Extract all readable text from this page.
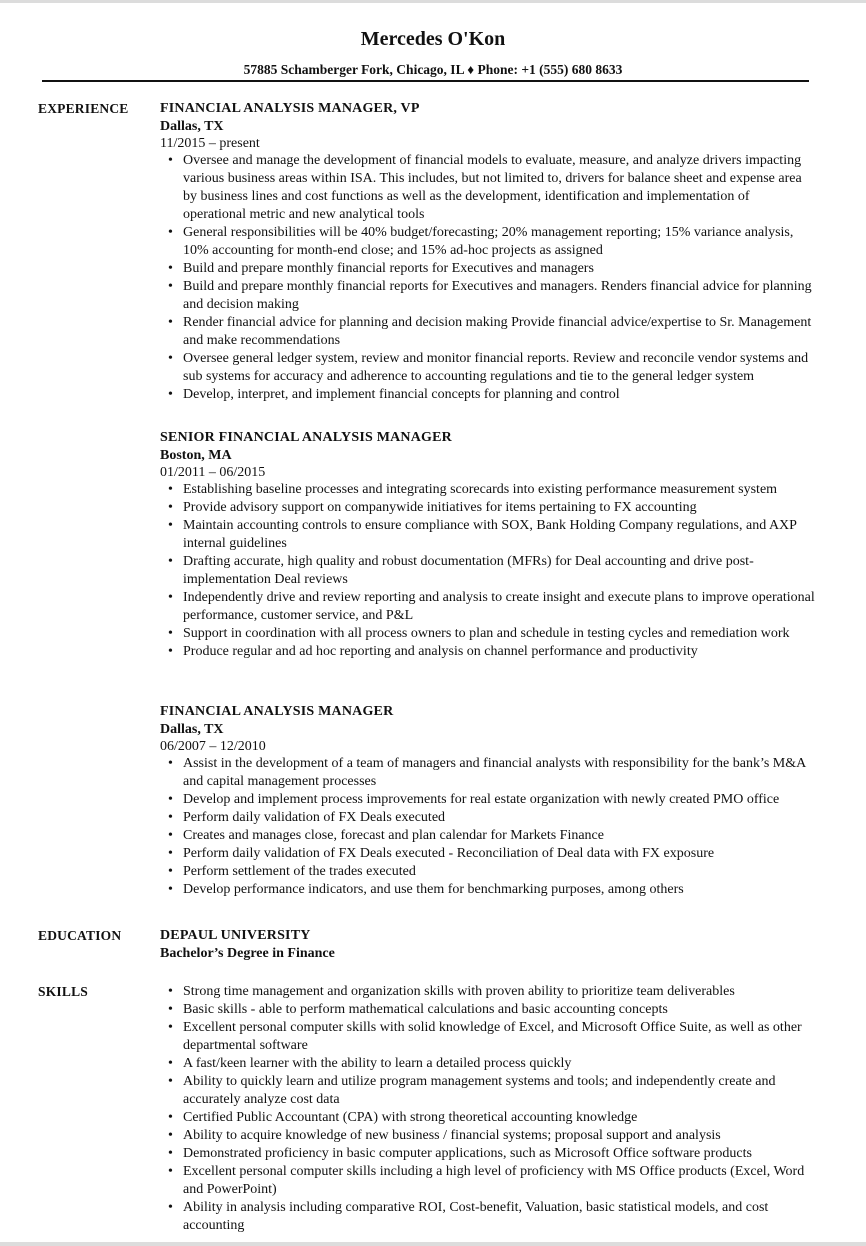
Mercedes O'Kon
57885 Schamberger Fork, Chicago, IL ♦ Phone: +1 (555) 680 8633
EXPERIENCE FINANCIAL ANALYSIS MANAGER, VP
Dallas, TX
11/2015 – present
• Oversee and manage the development of financial models to evaluate, measure, and analyze drivers impacting various business areas within ISA. This includes, but not limited to, drivers for balance sheet and expense area by business lines and cost functions as well as the development, identification and implementation of operational metric and new analytical tools
• General responsibilities will be 40% budget/forecasting; 20% management reporting; 15% variance analysis, 10% accounting for month-end close; and 15% ad-hoc projects as assigned
• Build and prepare monthly financial reports for Executives and managers
• Build and prepare monthly financial reports for Executives and managers. Renders financial advice for planning and decision making
• Render financial advice for planning and decision making Provide financial advice/expertise to Sr. Management and make recommendations
• Oversee general ledger system, review and monitor financial reports. Review and reconcile vendor systems and sub systems for accuracy and adherence to accounting regulations and tie to the general ledger system
• Develop, interpret, and implement financial concepts for planning and control
SENIOR FINANCIAL ANALYSIS MANAGER
Boston, MA
01/2011 – 06/2015
• Establishing baseline processes and integrating scorecards into existing performance measurement system
• Provide advisory support on companywide initiatives for items pertaining to FX accounting
• Maintain accounting controls to ensure compliance with SOX, Bank Holding Company regulations, and AXP internal guidelines
• Drafting accurate, high quality and robust documentation (MFRs) for Deal accounting and drive post-implementation Deal reviews
• Independently drive and review reporting and analysis to create insight and execute plans to improve operational performance, customer service, and P&L
• Support in coordination with all process owners to plan and schedule in testing cycles and remediation work
• Produce regular and ad hoc reporting and analysis on channel performance and productivity
FINANCIAL ANALYSIS MANAGER
Dallas, TX
06/2007 – 12/2010
• Assist in the development of a team of managers and financial analysts with responsibility for the bank’s M&A and capital management processes
• Develop and implement process improvements for real estate organization with newly created PMO office
• Perform daily validation of FX Deals executed
• Creates and manages close, forecast and plan calendar for Markets Finance
• Perform daily validation of FX Deals executed - Reconciliation of Deal data with FX exposure
• Perform settlement of the trades executed
• Develop performance indicators, and use them for benchmarking purposes, among others
EDUCATION	DEPAUL UNIVERSITY
Bachelor’s Degree in Finance
SKILLS
•	Strong time management and organization skills with proven ability to prioritize team deliverables
• Basic skills - able to perform mathematical calculations and basic accounting concepts
• Excellent personal computer skills with solid knowledge of Excel, and Microsoft Office Suite, as well as other departmental software
• A fast/keen learner with the ability to learn a detailed process quickly
• Ability to quickly learn and utilize program management systems and tools; and independently create and accurately analyze cost data
• Certified Public Accountant (CPA) with strong theoretical accounting knowledge
• Ability to acquire knowledge of new business / financial systems; proposal support and analysis
• Demonstrated proficiency in basic computer applications, such as Microsoft Office software products
• Excellent personal computer skills including a high level of proficiency with MS Office products (Excel, Word and PowerPoint)
• Ability in analysis including comparative ROI, Cost-benefit, Valuation, basic statistical models, and cost accounting
